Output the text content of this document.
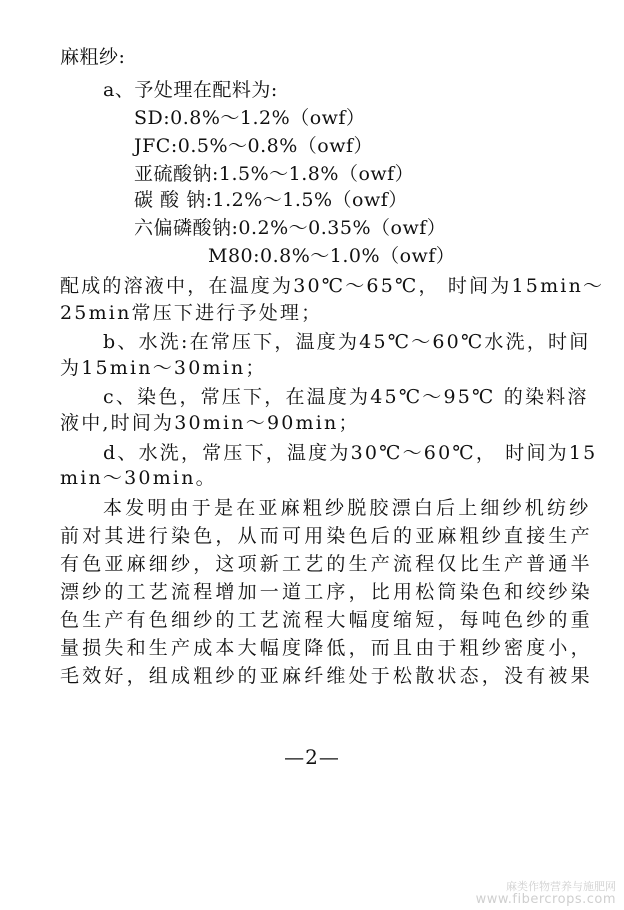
麻粗纱:
a、予处理在配料为:
SD:0.8%～1.2%（owf）
JFC:0.5%～0.8%（owf）
亚硫酸钠:1.5%～1.8%（owf）
碳 酸 钠:1.2%～1.5%（owf）
六偏磷酸钠:0.2%～0.35%（owf）
M80:0.8%～1.0%（owf）
配成的溶液中，在温度为30℃～65℃， 时间为15min～
25min常压下进行予处理；
b、水洗:在常压下，温度为45℃～60℃水洗，时间
为15min～30min；
c、染色，常压下，在温度为45℃～95℃ 的染料溶
液中,时间为30min～90min；
d、水洗，常压下，温度为30℃～60℃， 时间为15
min～30min。
本发明由于是在亚麻粗纱脱胶漂白后上细纱机纺纱
前对其进行染色，从而可用染色后的亚麻粗纱直接生产
有色亚麻细纱，这项新工艺的生产流程仅比生产普通半
漂纱的工艺流程增加一道工序，比用松筒染色和绞纱染
色生产有色细纱的工艺流程大幅度缩短，每吨色纱的重
量损失和生产成本大幅度降低，而且由于粗纱密度小，
毛效好，组成粗纱的亚麻纤维处于松散状态，没有被果
—2—
麻类作物营养与施肥网
www.fibercrops.com
